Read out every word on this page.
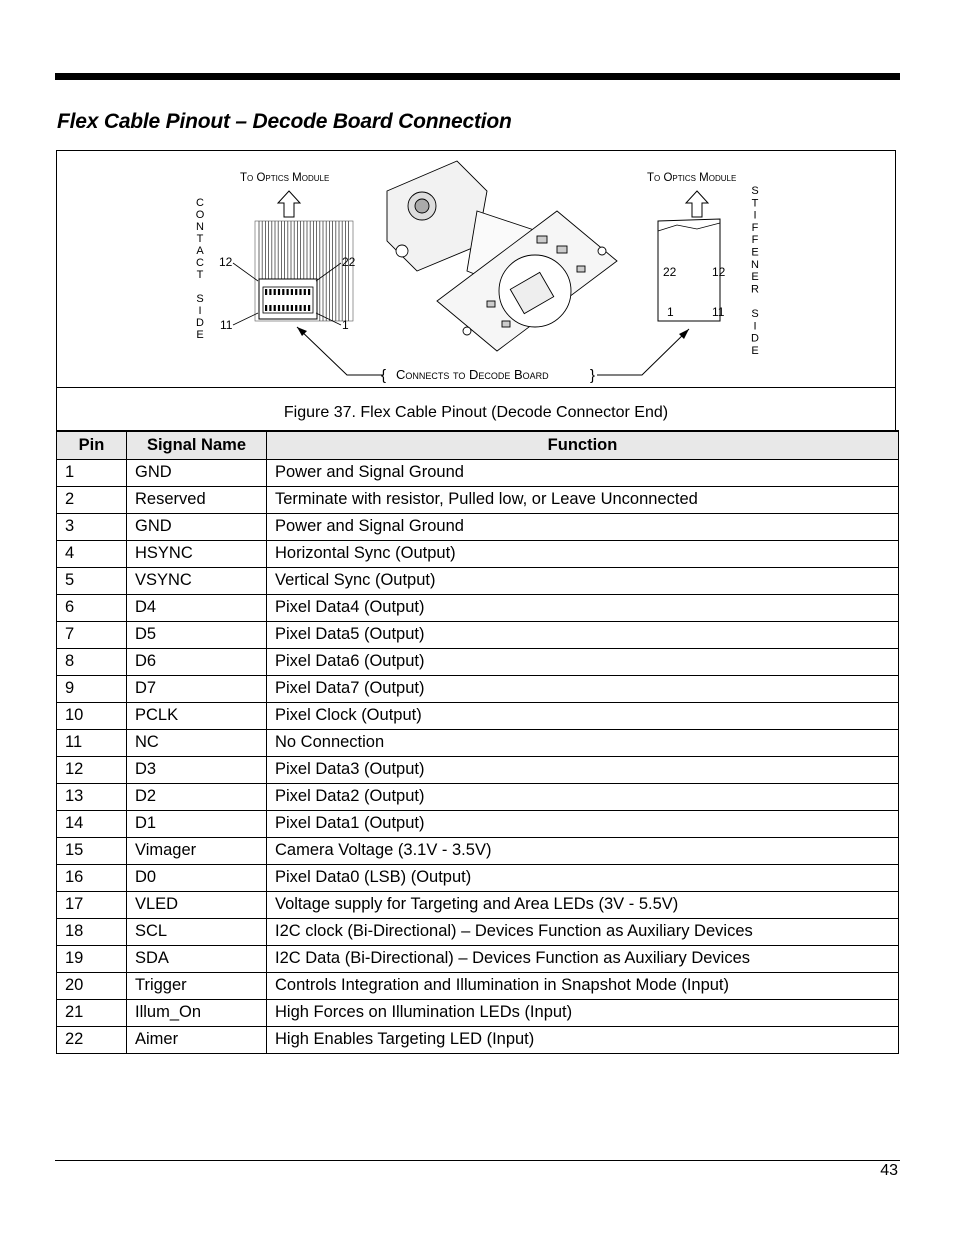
Flex Cable Pinout – Decode Board Connection
To Optics Module	To Optics Module
C
O
N
T
A
C
T
S
I
D
E
S
T
I
F
F
E
N
E
R
S
I
D
E
12	22
11	1
22	12
1	11
{ Connects to Decode Board	}
Figure 37. Flex Cable Pinout (Decode Connector End)
Pin	Signal Name	Function
1	GND	Power and Signal Ground
2	Reserved	Terminate with resistor, Pulled low, or Leave Unconnected
3	GND	Power and Signal Ground
4	HSYNC	Horizontal Sync (Output)
5	VSYNC	Vertical Sync (Output)
6	D4	Pixel Data4 (Output)
7	D5	Pixel Data5 (Output)
8	D6	Pixel Data6 (Output)
9	D7	Pixel Data7 (Output)
10	PCLK	Pixel Clock (Output)
11	NC	No Connection
12	D3	Pixel Data3 (Output)
13	D2	Pixel Data2 (Output)
14	D1	Pixel Data1 (Output)
15	Vimager	Camera Voltage (3.1V - 3.5V)
16	D0	Pixel Data0 (LSB) (Output)
17	VLED	Voltage supply for Targeting and Area LEDs (3V - 5.5V)
18	SCL	I2C clock (Bi-Directional) – Devices Function as Auxiliary Devices
19	SDA	I2C Data (Bi-Directional) – Devices Function as Auxiliary Devices
20	Trigger	Controls Integration and Illumination in Snapshot Mode (Input)
21	Illum_On	High Forces on Illumination LEDs (Input)
22	Aimer	High Enables Targeting LED (Input)
43
